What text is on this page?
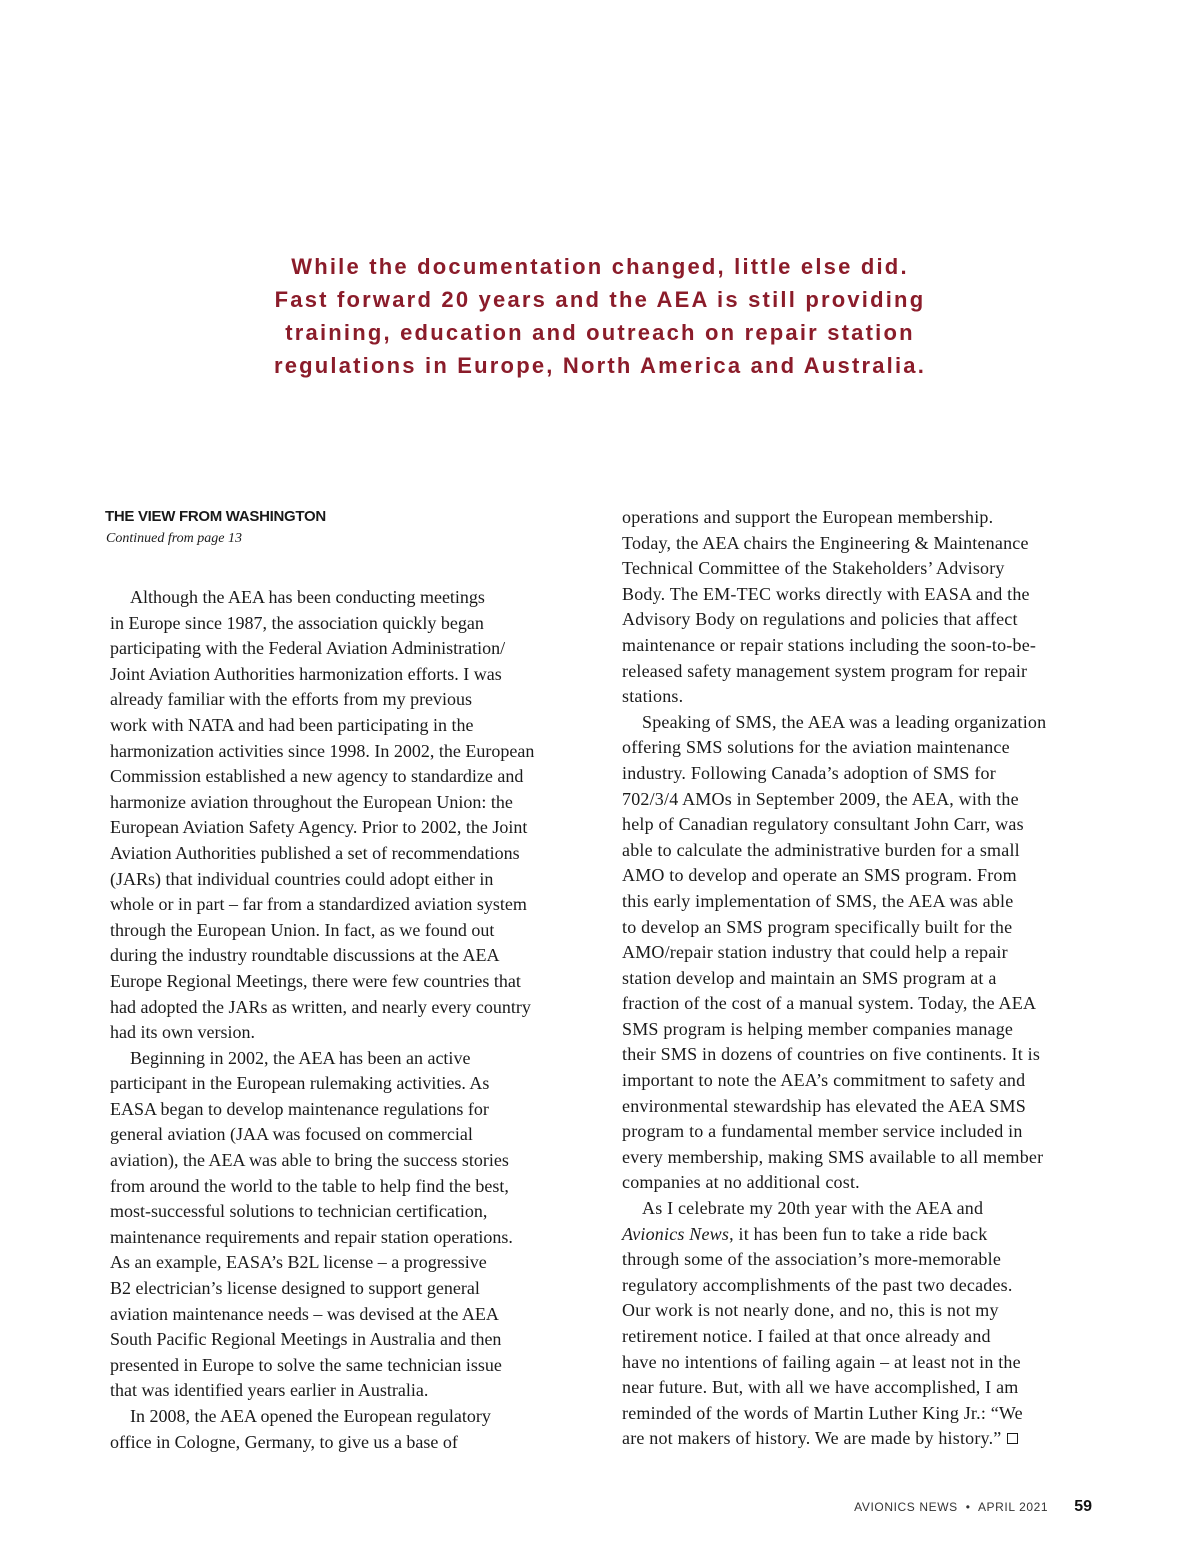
While the documentation changed, little else did.
Fast forward 20 years and the AEA is still providing
training, education and outreach on repair station
regulations in Europe, North America and Australia.
THE VIEW FROM WASHINGTON
Continued from page 13

Although the AEA has been conducting meetings
in Europe since 1987, the association quickly began
participating with the Federal Aviation Administration/
Joint Aviation Authorities harmonization efforts. I was
already familiar with the efforts from my previous
work with NATA and had been participating in the
harmonization activities since 1998. In 2002, the European
Commission established a new agency to standardize and
harmonize aviation throughout the European Union: the
European Aviation Safety Agency. Prior to 2002, the Joint
Aviation Authorities published a set of recommendations
(JARs) that individual countries could adopt either in
whole or in part – far from a standardized aviation system
through the European Union. In fact, as we found out
during the industry roundtable discussions at the AEA
Europe Regional Meetings, there were few countries that
had adopted the JARs as written, and nearly every country
had its own version.

Beginning in 2002, the AEA has been an active
participant in the European rulemaking activities. As
EASA began to develop maintenance regulations for
general aviation (JAA was focused on commercial
aviation), the AEA was able to bring the success stories
from around the world to the table to help find the best,
most-successful solutions to technician certification,
maintenance requirements and repair station operations.
As an example, EASA’s B2L license – a progressive
B2 electrician’s license designed to support general
aviation maintenance needs – was devised at the AEA
South Pacific Regional Meetings in Australia and then
presented in Europe to solve the same technician issue
that was identified years earlier in Australia.

In 2008, the AEA opened the European regulatory
office in Cologne, Germany, to give us a base of

operations and support the European membership.
Today, the AEA chairs the Engineering & Maintenance
Technical Committee of the Stakeholders’ Advisory
Body. The EM-TEC works directly with EASA and the
Advisory Body on regulations and policies that affect
maintenance or repair stations including the soon-to-be-
released safety management system program for repair
stations.

Speaking of SMS, the AEA was a leading organization
offering SMS solutions for the aviation maintenance
industry. Following Canada’s adoption of SMS for
702/3/4 AMOs in September 2009, the AEA, with the
help of Canadian regulatory consultant John Carr, was
able to calculate the administrative burden for a small
AMO to develop and operate an SMS program. From
this early implementation of SMS, the AEA was able
to develop an SMS program specifically built for the
AMO/repair station industry that could help a repair
station develop and maintain an SMS program at a
fraction of the cost of a manual system. Today, the AEA
SMS program is helping member companies manage
their SMS in dozens of countries on five continents. It is
important to note the AEA’s commitment to safety and
environmental stewardship has elevated the AEA SMS
program to a fundamental member service included in
every membership, making SMS available to all member
companies at no additional cost.

As I celebrate my 20th year with the AEA and
Avionics News, it has been fun to take a ride back
through some of the association’s more-memorable
regulatory accomplishments of the past two decades.
Our work is not nearly done, and no, this is not my
retirement notice. I failed at that once already and
have no intentions of failing again – at least not in the
near future. But, with all we have accomplished, I am
reminded of the words of Martin Luther King Jr.: “We
are not makers of history. We are made by history.”

AVIONICS NEWS • APRIL 2021 59
